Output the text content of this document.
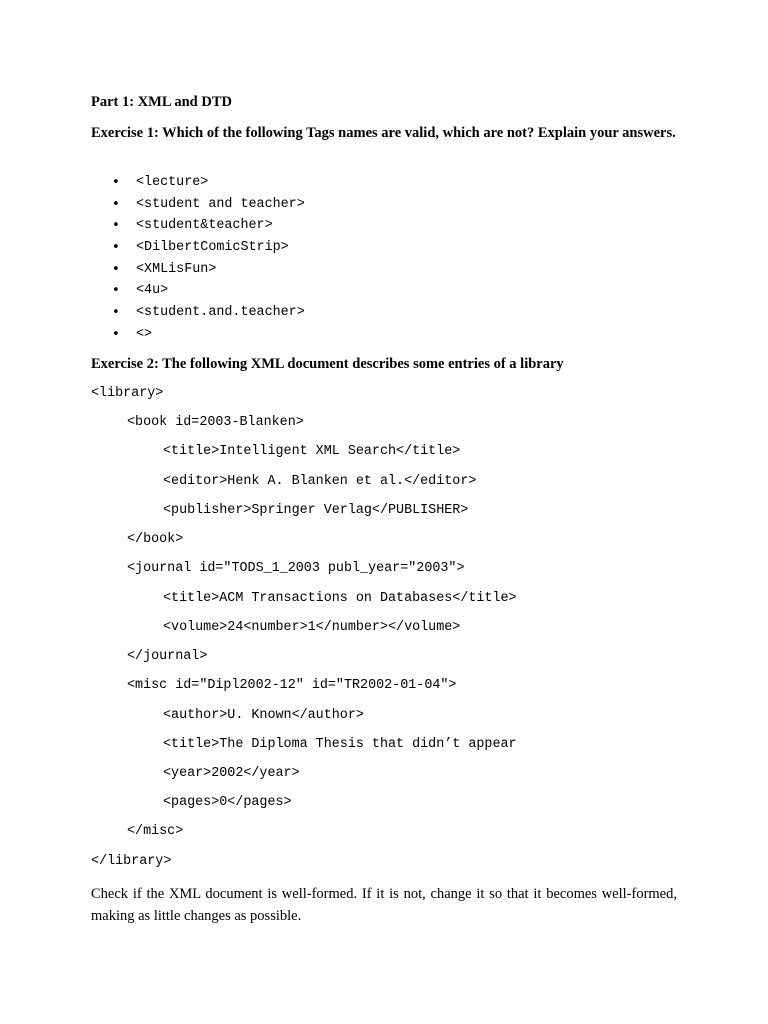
Part 1: XML and DTD
Exercise 1: Which of the following Tags names are valid, which are not? Explain your answers.
• <lecture>
• <student and teacher>
• <student&teacher>
• <DilbertComicStrip>
• <XMLisFun>
• <4u>
• <student.and.teacher>
• <>
Exercise 2: The following XML document describes some entries of a library
<library>
<book id=2003-Blanken>
<title>Intelligent XML Search</title>
<editor>Henk A. Blanken et al.</editor>
<publisher>Springer Verlag</PUBLISHER>
</book>
<journal id="TODS_1_2003 publ_year="2003">
<title>ACM Transactions on Databases</title>
<volume>24<number>1</number></volume>
</journal>
<misc id="Dipl2002-12" id="TR2002-01-04">
<author>U. Known</author>
<title>The Diploma Thesis that didn’t appear
<year>2002</year>
<pages>0</pages>
</misc>
</library>
Check if the XML document is well-formed. If it is not, change it so that it becomes well-formed, making as little changes as possible.
